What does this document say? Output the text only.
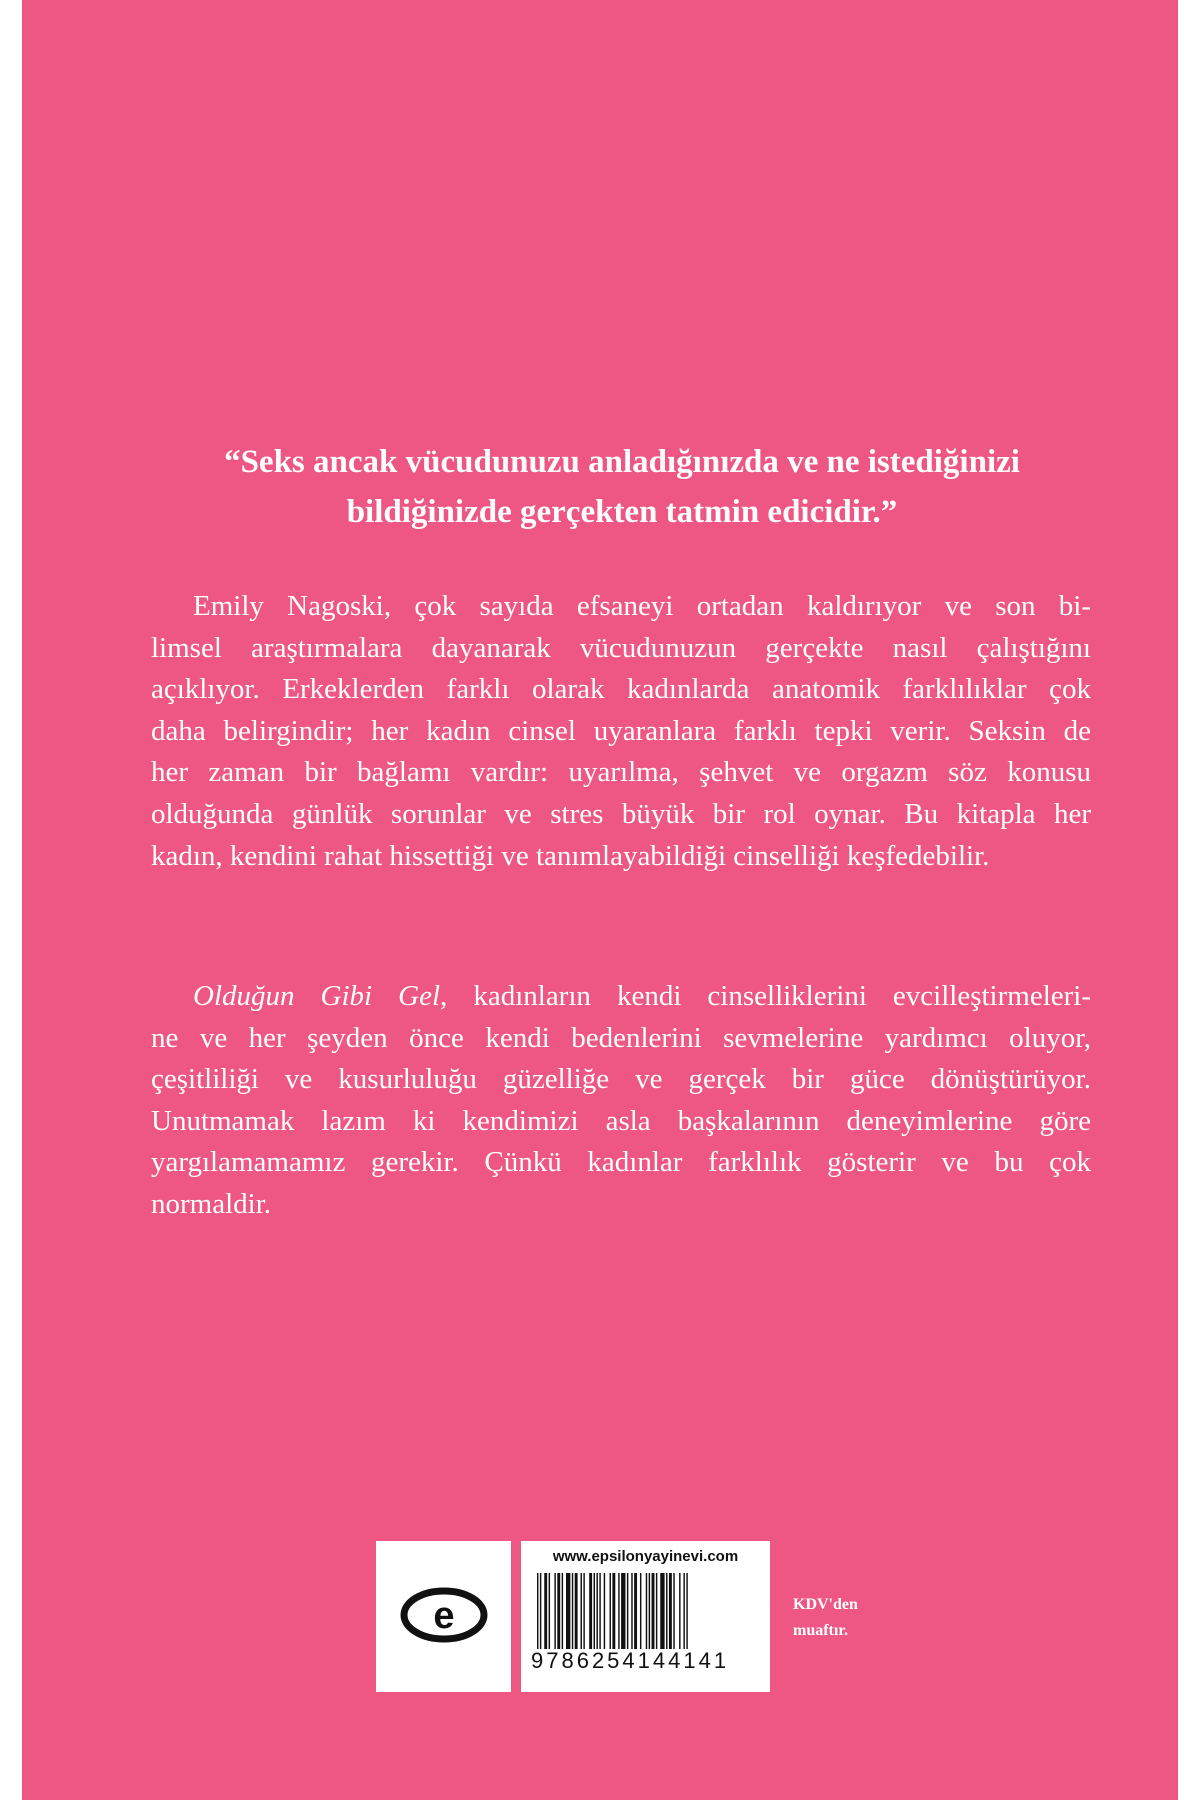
“Seks ancak vücudunuzu anladığınızda ve ne istediğinizi
bildiğinizde gerçekten tatmin edicidir.”
Emily Nagoski, çok sayıda efsaneyi ortadan kaldırıyor ve son bi-
limsel araştırmalara dayanarak vücudunuzun gerçekte nasıl çalıştığını
açıklıyor. Erkeklerden farklı olarak kadınlarda anatomik farklılıklar çok
daha belirgindir; her kadın cinsel uyaranlara farklı tepki verir. Seksin de
her zaman bir bağlamı vardır: uyarılma, şehvet ve orgazm söz konusu
olduğunda günlük sorunlar ve stres büyük bir rol oynar. Bu kitapla her
kadın, kendini rahat hissettiği ve tanımlayabildiği cinselliği keşfedebilir.
Olduğun Gibi Gel, kadınların kendi cinselliklerini evcilleştirmeleri-
ne ve her şeyden önce kendi bedenlerini sevmelerine yardımcı oluyor,
çeşitliliği ve kusurluluğu güzelliğe ve gerçek bir güce dönüştürüyor.
Unutmamak lazım ki kendimizi asla başkalarının deneyimlerine göre
yargılamamamız gerekir. Çünkü kadınlar farklılık gösterir ve bu çok
normaldir.
e
www.epsilonyayinevi.com
9786254144141
KDV'den
muaftır.
